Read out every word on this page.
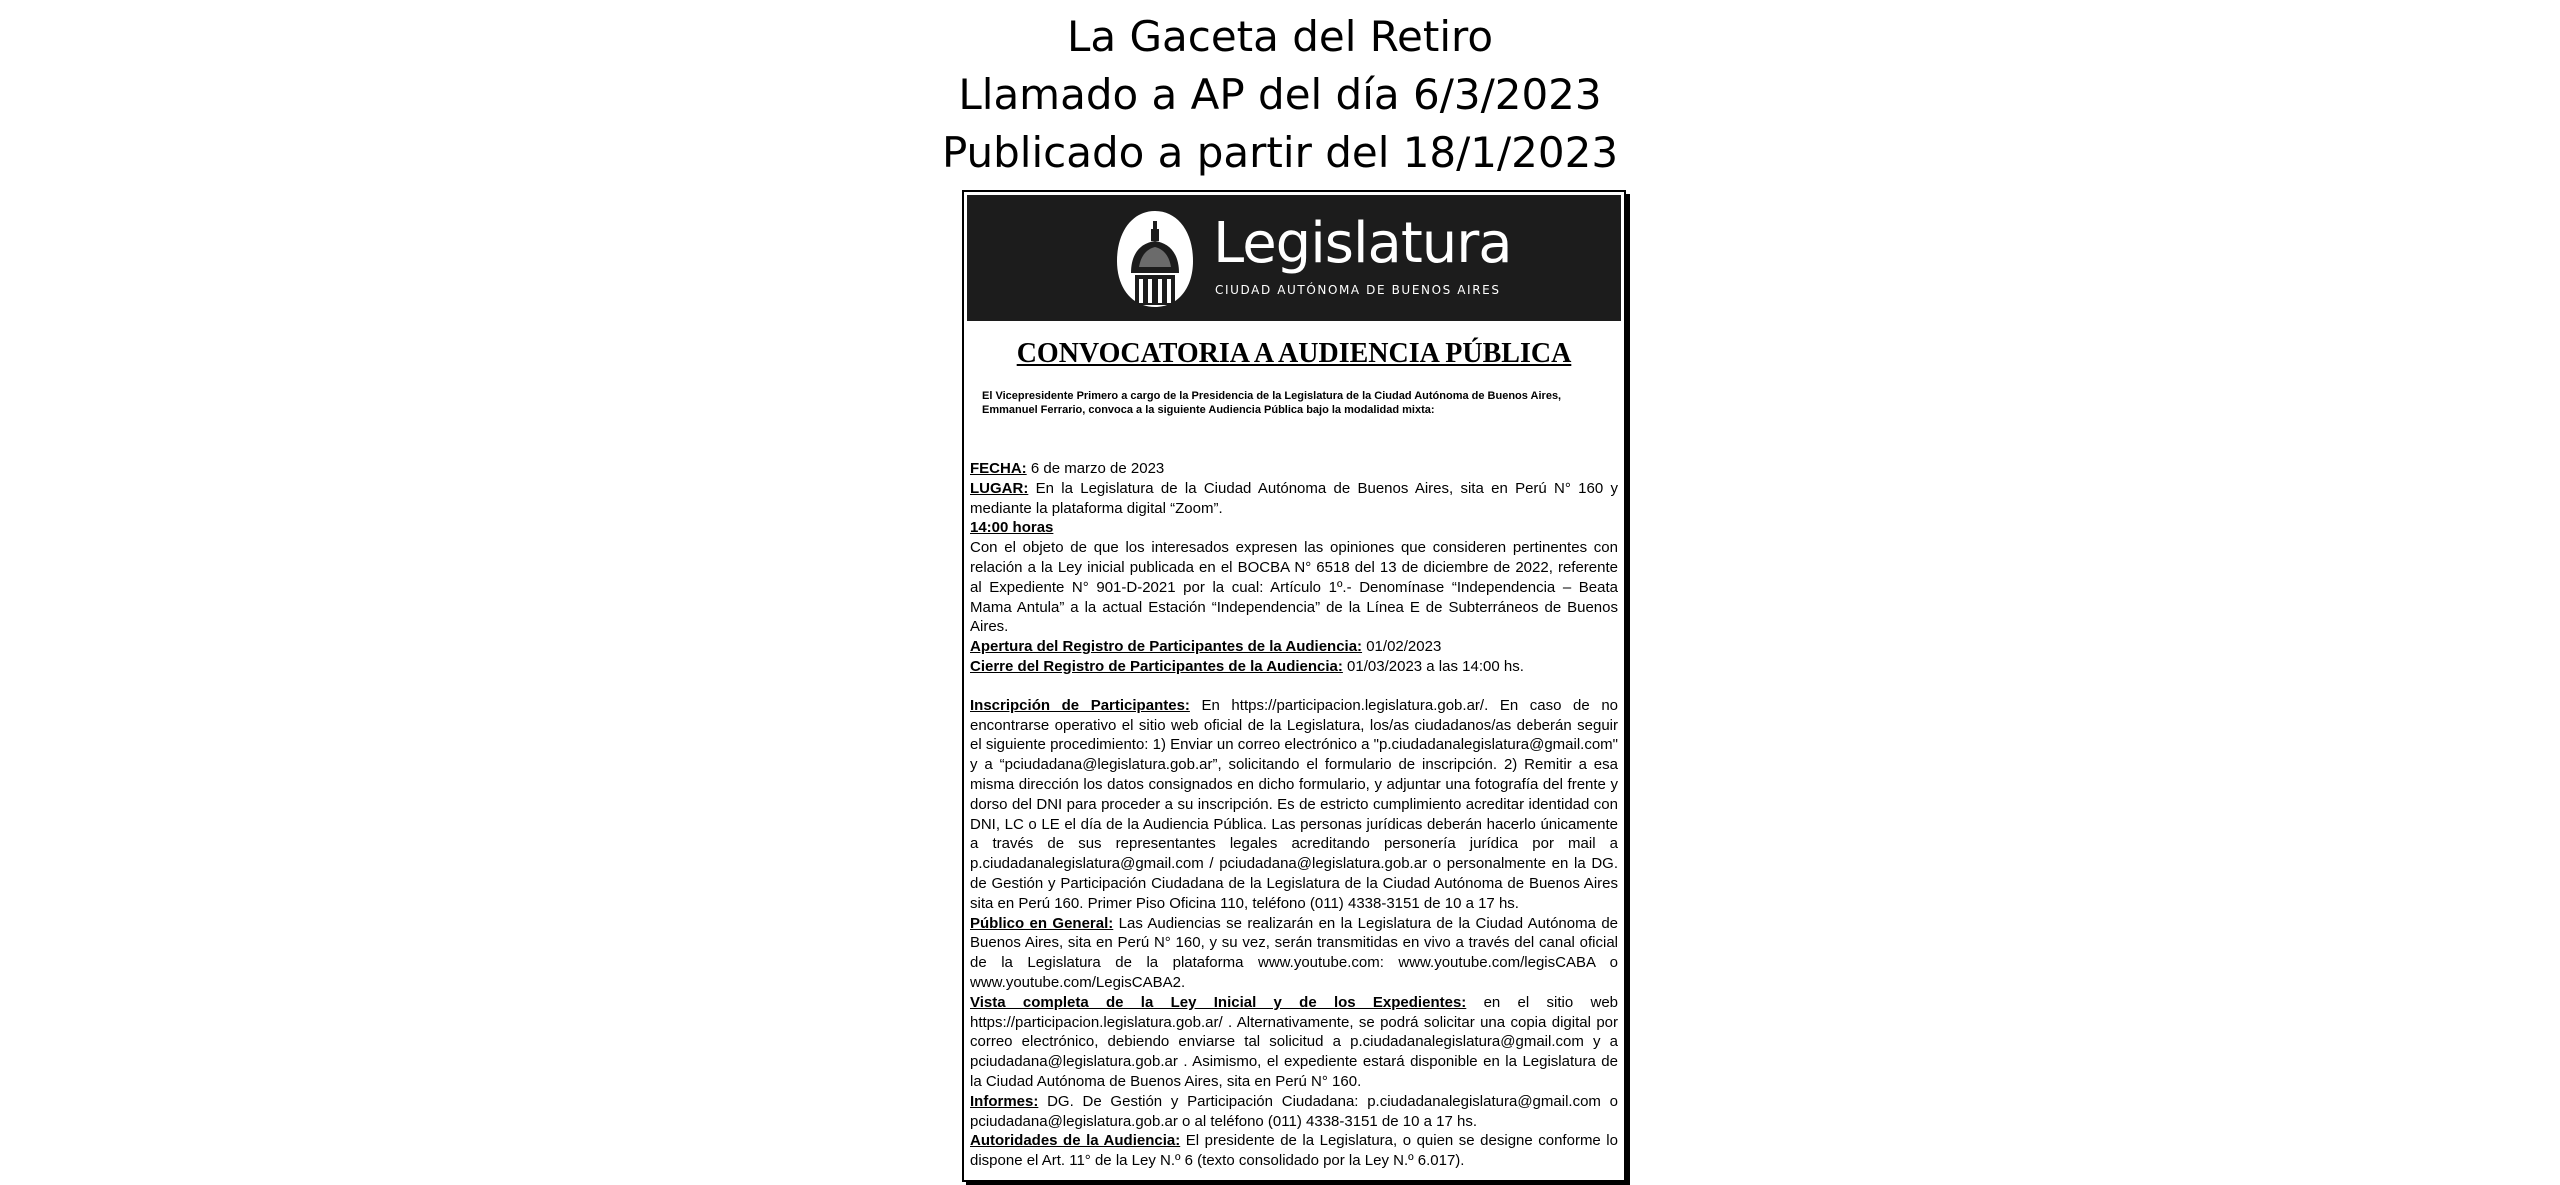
La Gaceta del Retiro
Llamado a AP del día 6/3/2023
Publicado a partir del 18/1/2023
Legislatura
CIUDAD AUTÓNOMA DE BUENOS AIRES
CONVOCATORIA A AUDIENCIA PÚBLICA
El Vicepresidente Primero a cargo de la Presidencia de la Legislatura de la Ciudad Autónoma de Buenos Aires, Emmanuel Ferrario, convoca a la siguiente Audiencia Pública bajo la modalidad mixta:

FECHA: 6 de marzo de 2023

LUGAR: En la Legislatura de la Ciudad Autónoma de Buenos Aires, sita en Perú N° 160 y mediante la plataforma digital “Zoom”.

14:00 horas

Con el objeto de que los interesados expresen las opiniones que consideren pertinentes con relación a la Ley inicial publicada en el BOCBA N° 6518 del 13 de diciembre de 2022, referente al Expediente N° 901-D-2021 por la cual: Artículo 1º.- Denomínase “Independencia – Beata Mama Antula” a la actual Estación “Independencia” de la Línea E de Subterráneos de Buenos Aires.

Apertura del Registro de Participantes de la Audiencia: 01/02/2023

Cierre del Registro de Participantes de la Audiencia: 01/03/2023 a las 14:00 hs.

Inscripción de Participantes: En https://participacion.legislatura.gob.ar/. En caso de no encontrarse operativo el sitio web oficial de la Legislatura, los/as ciudadanos/as deberán seguir el siguiente procedimiento: 1) Enviar un correo electrónico a "p.ciudadanalegislatura@gmail.com" y a “pciudadana@legislatura.gob.ar”, solicitando el formulario de inscripción. 2) Remitir a esa misma dirección los datos consignados en dicho formulario, y adjuntar una fotografía del frente y dorso del DNI para proceder a su inscripción. Es de estricto cumplimiento acreditar identidad con DNI, LC o LE el día de la Audiencia Pública. Las personas jurídicas deberán hacerlo únicamente a través de sus representantes legales acreditando personería jurídica por mail a p.ciudadanalegislatura@gmail.com / pciudadana@legislatura.gob.ar o personalmente en la DG. de Gestión y Participación Ciudadana de la Legislatura de la Ciudad Autónoma de Buenos Aires sita en Perú 160. Primer Piso Oficina 110, teléfono (011) 4338-3151 de 10 a 17 hs.

Público en General: Las Audiencias se realizarán en la Legislatura de la Ciudad Autónoma de Buenos Aires, sita en Perú N° 160, y su vez, serán transmitidas en vivo a través del canal oficial de la Legislatura de la plataforma www.youtube.com: www.youtube.com/legisCABA o www.youtube.com/LegisCABA2.

Vista completa de la Ley Inicial y de los Expedientes: en el sitio web https://participacion.legislatura.gob.ar/ . Alternativamente, se podrá solicitar una copia digital por correo electrónico, debiendo enviarse tal solicitud a p.ciudadanalegislatura@gmail.com y a pciudadana@legislatura.gob.ar . Asimismo, el expediente estará disponible en la Legislatura de la Ciudad Autónoma de Buenos Aires, sita en Perú N° 160.

Informes: DG. De Gestión y Participación Ciudadana: p.ciudadanalegislatura@gmail.com o pciudadana@legislatura.gob.ar o al teléfono (011) 4338-3151 de 10 a 17 hs.

Autoridades de la Audiencia: El presidente de la Legislatura, o quien se designe conforme lo dispone el Art. 11° de la Ley N.º 6 (texto consolidado por la Ley N.º 6.017).
